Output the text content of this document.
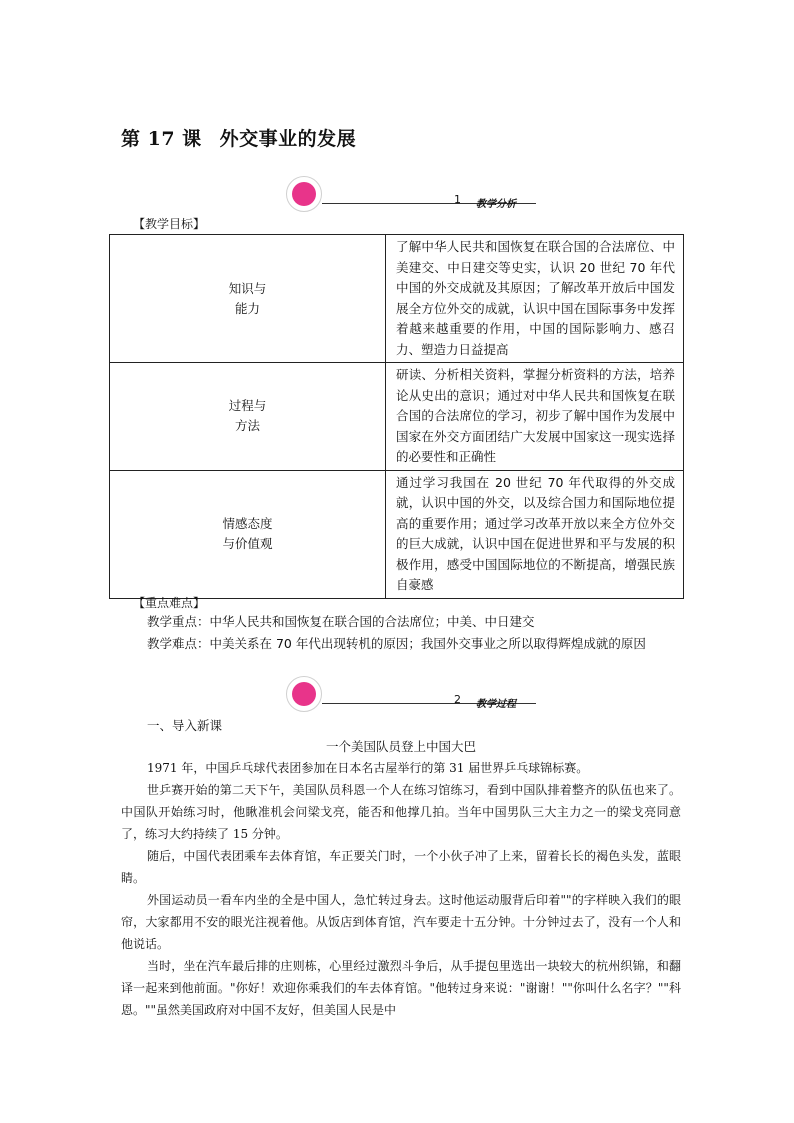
第 17 课 外交事业的发展
1 教学分析
【教学目标】
知识与
能力	了解中华人民共和国恢复在联合国的合法席位、中美建交、中日建交等史实，认识 20 世纪 70 年代中国的外交成就及其原因；了解改革开放后中国发展全方位外交的成就，认识中国在国际事务中发挥着越来越重要的作用，中国的国际影响力、感召力、塑造力日益提高
过程与
方法	研读、分析相关资料，掌握分析资料的方法，培养论从史出的意识；通过对中华人民共和国恢复在联合国的合法席位的学习，初步了解中国作为发展中国家在外交方面团结广大发展中国家这一现实选择的必要性和正确性
情感态度
与价值观	通过学习我国在 20 世纪 70 年代取得的外交成就，认识中国的外交，以及综合国力和国际地位提高的重要作用；通过学习改革开放以来全方位外交的巨大成就，认识中国在促进世界和平与发展的积极作用，感受中国国际地位的不断提高，增强民族自豪感
【重点难点】
教学重点：中华人民共和国恢复在联合国的合法席位；中美、中日建交
教学难点：中美关系在 70 年代出现转机的原因；我国外交事业之所以取得辉煌成就的原因
2 教学过程
一、导入新课
一个美国队员登上中国大巴
1971 年，中国乒乓球代表团参加在日本名古屋举行的第 31 届世界乒乓球锦标赛。
世乒赛开始的第二天下午，美国队员科恩一个人在练习馆练习，看到中国队排着整齐的队伍也来了。中国队开始练习时，他瞅准机会问梁戈亮，能否和他撑几拍。当年中国男队三大主力之一的梁戈亮同意了，练习大约持续了 15 分钟。
随后，中国代表团乘车去体育馆，车正要关门时，一个小伙子冲了上来，留着长长的褐色头发，蓝眼睛。
外国运动员一看车内坐的全是中国人，急忙转过身去。这时他运动服背后印着""的字样映入我们的眼帘，大家都用不安的眼光注视着他。从饭店到体育馆，汽车要走十五分钟。十分钟过去了，没有一个人和他说话。
当时，坐在汽车最后排的庄则栋，心里经过激烈斗争后，从手提包里选出一块较大的杭州织锦，和翻译一起来到他前面。"你好！欢迎你乘我们的车去体育馆。"他转过身来说："谢谢！""你叫什么名字？""科恩。""虽然美国政府对中国不友好，但美国人民是中
